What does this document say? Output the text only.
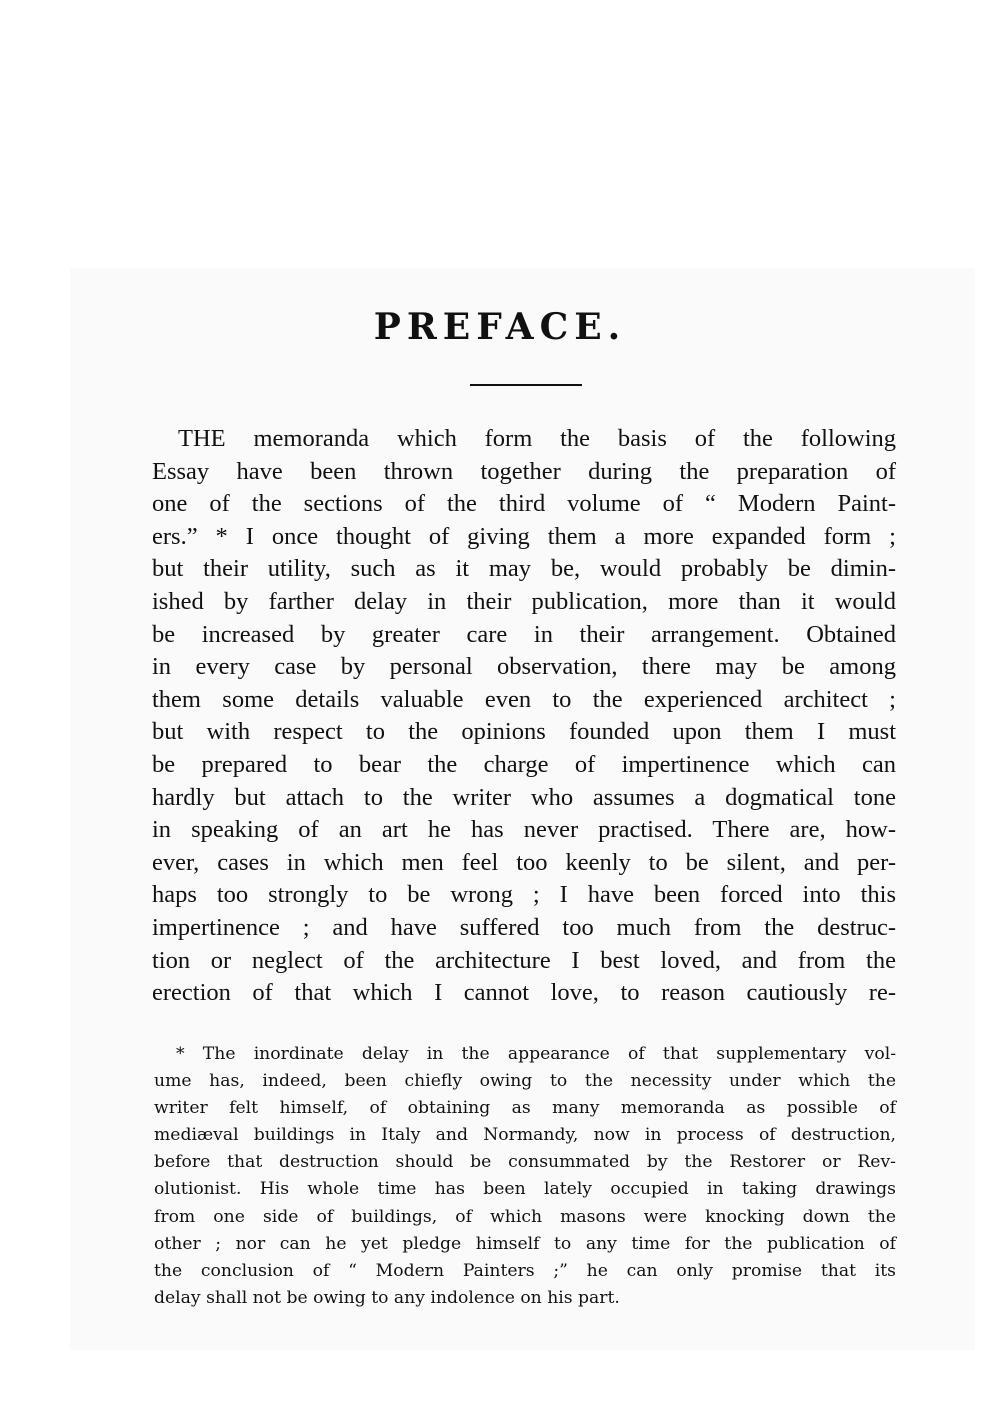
PREFACE.
THE memoranda which form the basis of the following
Essay have been thrown together during the preparation of
one of the sections of the third volume of “ Modern Paint-
ers.” * I once thought of giving them a more expanded form ;
but their utility, such as it may be, would probably be dimin-
ished by farther delay in their publication, more than it would
be increased by greater care in their arrangement. Obtained
in every case by personal observation, there may be among
them some details valuable even to the experienced architect ;
but with respect to the opinions founded upon them I must
be prepared to bear the charge of impertinence which can
hardly but attach to the writer who assumes a dogmatical tone
in speaking of an art he has never practised. There are, how-
ever, cases in which men feel too keenly to be silent, and per-
haps too strongly to be wrong ; I have been forced into this
impertinence ; and have suffered too much from the destruc-
tion or neglect of the architecture I best loved, and from the
erection of that which I cannot love, to reason cautiously re-
* The inordinate delay in the appearance of that supplementary vol-
ume has, indeed, been chiefly owing to the necessity under which the
writer felt himself, of obtaining as many memoranda as possible of
mediæval buildings in Italy and Normandy, now in process of destruction,
before that destruction should be consummated by the Restorer or Rev-
olutionist. His whole time has been lately occupied in taking drawings
from one side of buildings, of which masons were knocking down the
other ; nor can he yet pledge himself to any time for the publication of
the conclusion of “ Modern Painters ;” he can only promise that its
delay shall not be owing to any indolence on his part.
